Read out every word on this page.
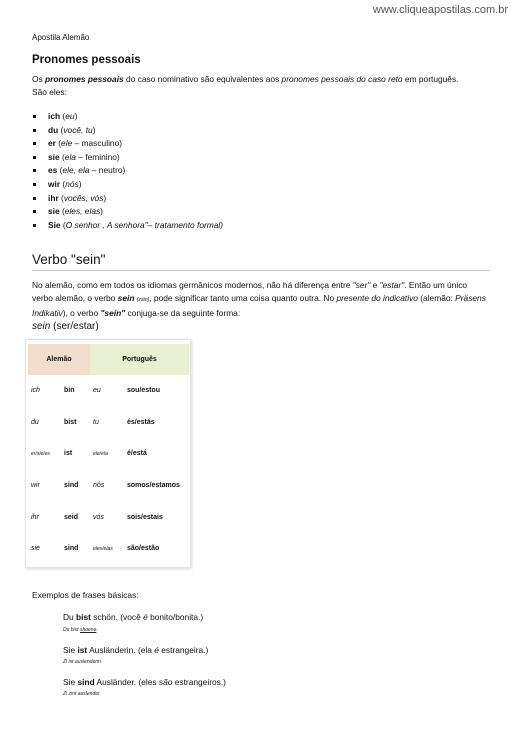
www.cliqueapostilas.com.br
Apostila Alemão
Pronomes pessoais

Os pronomes pessoais do caso nominativo são equivalentes aos pronomes pessoais do caso reto em português.
São eles:

ich (eu)
du (você, tu)
er (ele – masculino)
sie (ela – feminino)
es (ele, ela – neutro)
wir (nós)
ihr (vocês, vós)
sie (eles, elas)
Sie (O senhor , A senhora"– tratamento formal)
Verbo "sein"

No alemão, como em todos os idiomas germânicos modernos, não há diferença entre "ser" e "estar". Então um único verbo alemão, o verbo sein (záin), pode significar tanto uma coisa quanto outra. No presente do indicativo (alemão: Präsens Indikativ), o verbo "sein" conjuga-se da seguinte forma:

sein (ser/estar)
Alemão		Português	
ich	bin	eu	sou/estou
du	bist	tu	és/estás
er/sie/es	ist	ele/ela	é/está
wir	sind	nós	somos/estamos
ihr	seid	vós	sois/estais
sie	sind	eles/elas	são/estão
Exemplos de frases básicas:
Du bist schön. (você é bonito/bonita.)
Du bist shoene.
Sie ist Ausländerin. (ela é estrangeira.)
Zi ist auslenderin.
Sie sind Ausländer. (eles são estrangeiros.)
Zi zint auslender.
